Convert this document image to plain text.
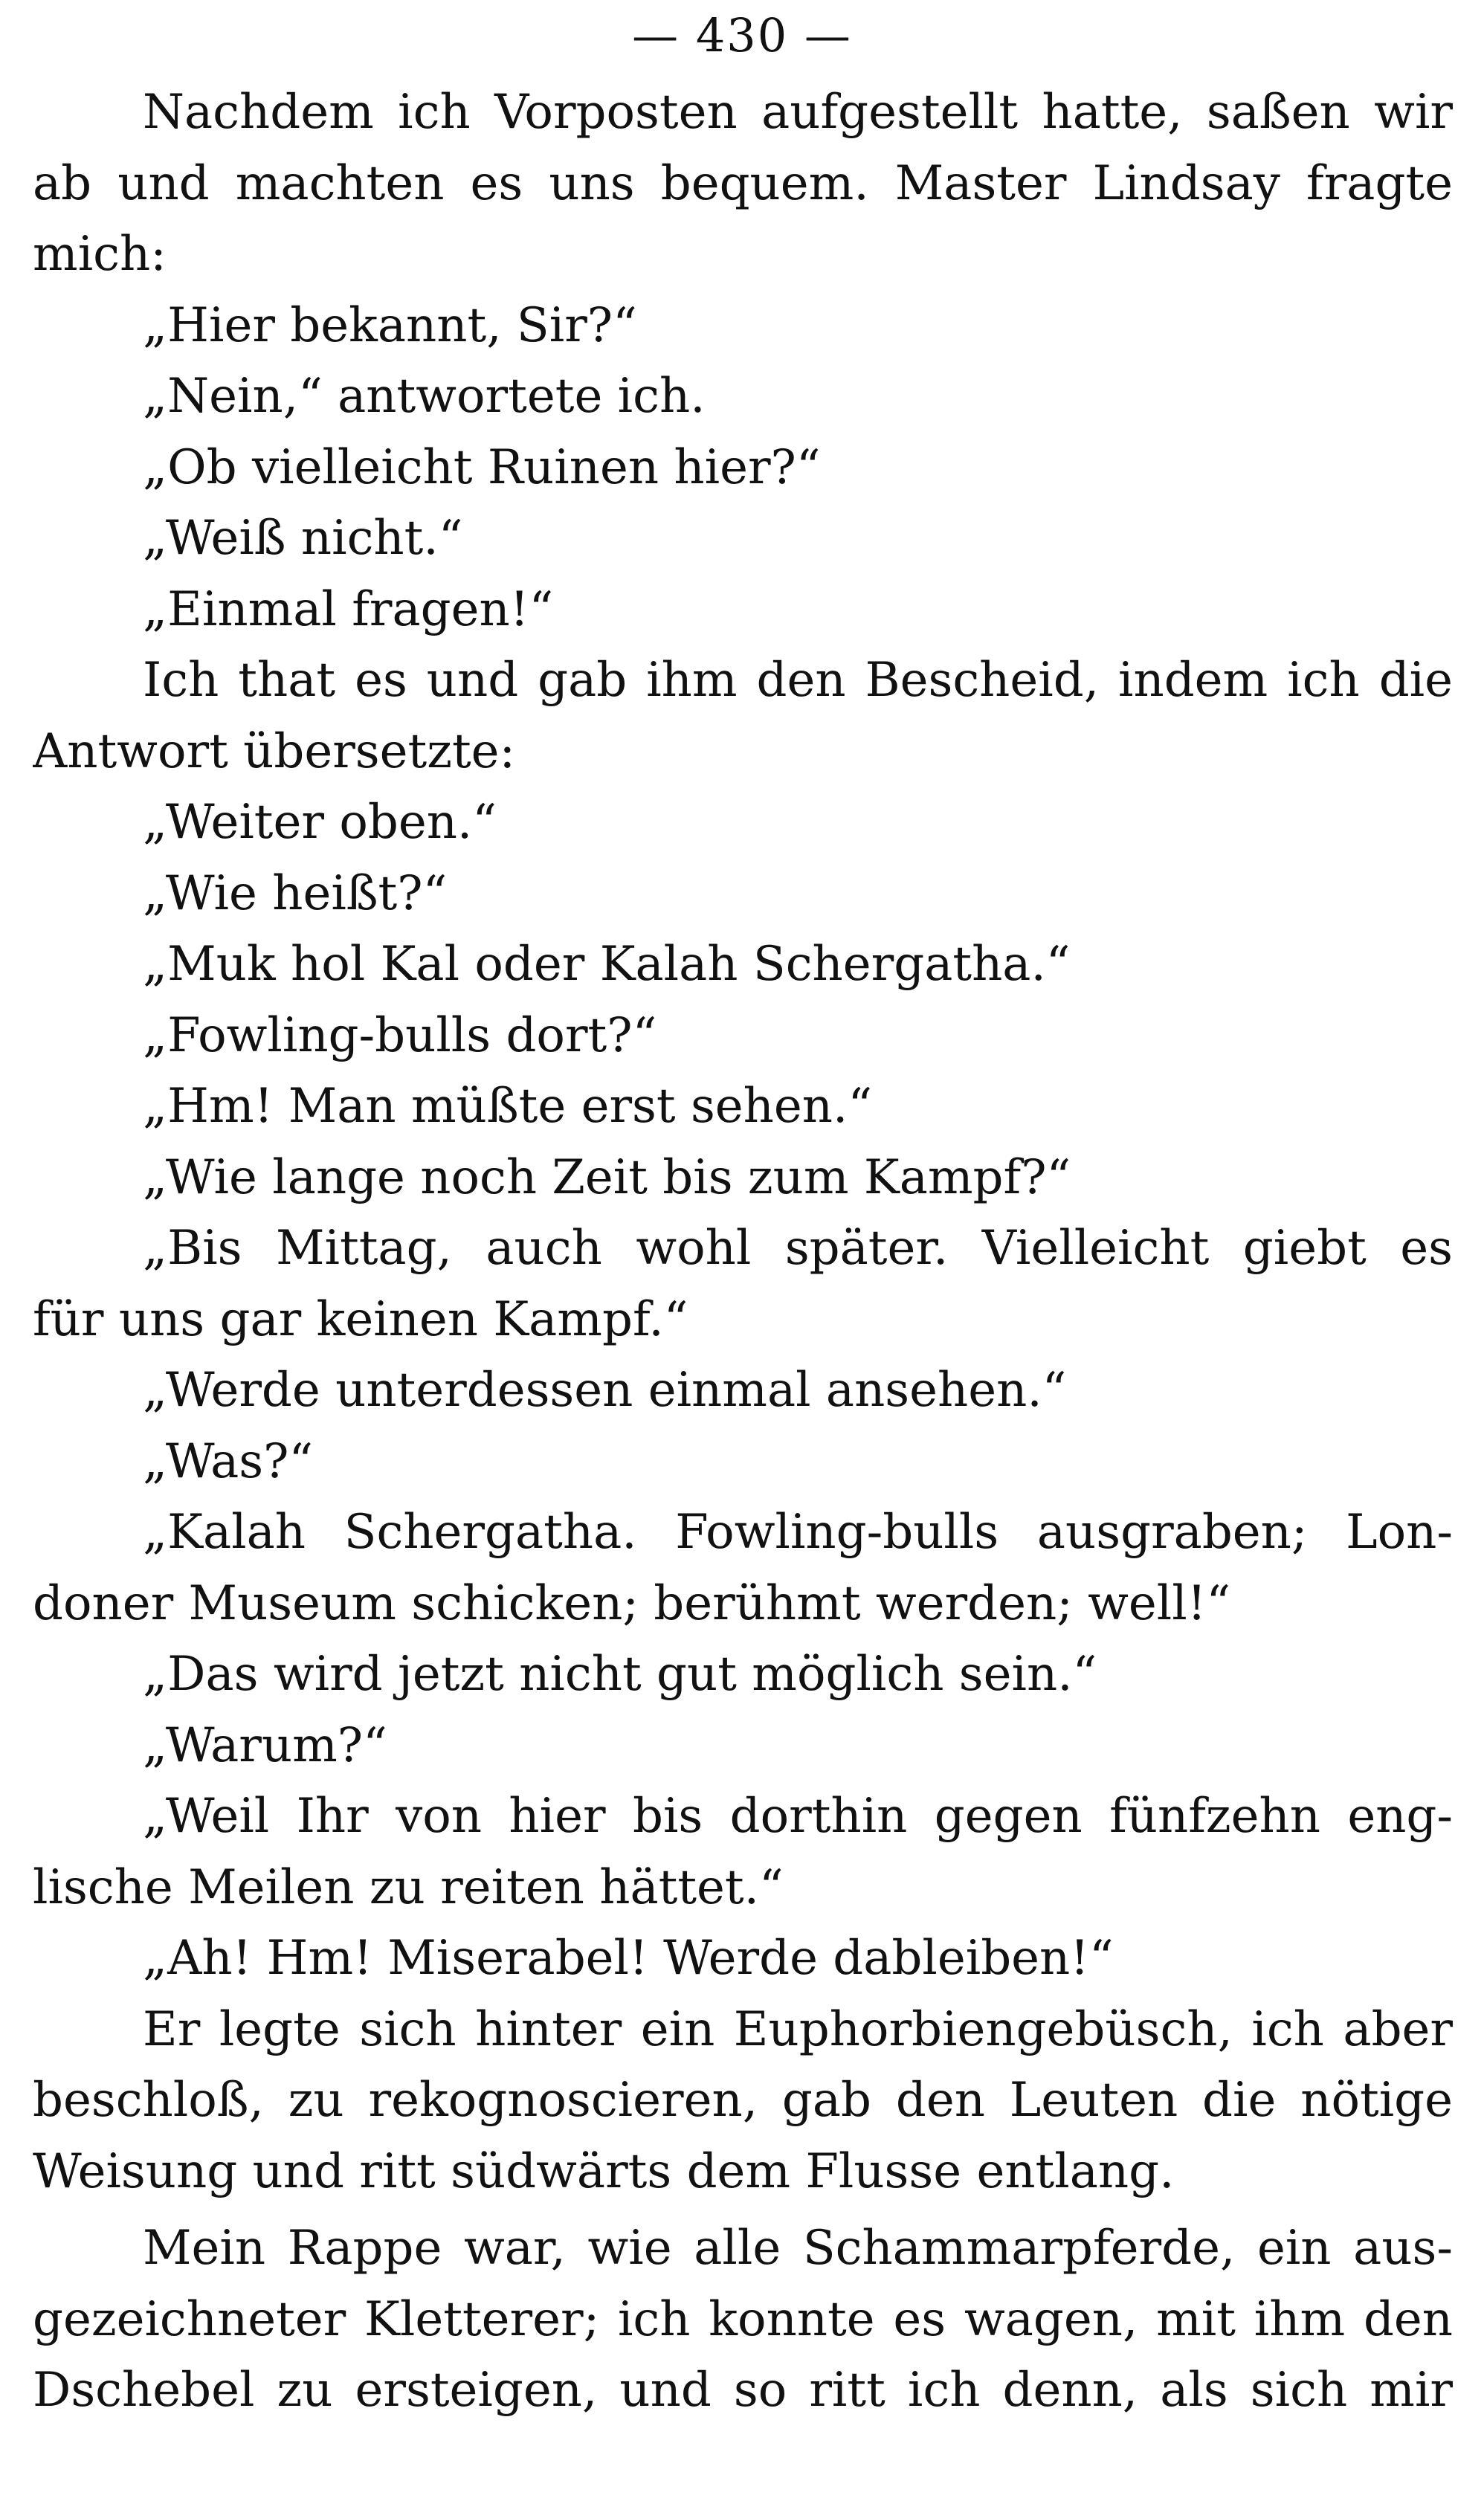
— 430 —
Nachdem ich Vorposten aufgestellt hatte, saßen wir
ab und machten es uns bequem. Master Lindsay fragte
mich:
„Hier bekannt, Sir?“
„Nein,“ antwortete ich.
„Ob vielleicht Ruinen hier?“
„Weiß nicht.“
„Einmal fragen!“
Ich that es und gab ihm den Bescheid, indem ich die
Antwort übersetzte:
„Weiter oben.“
„Wie heißt?“
„Muk hol Kal oder Kalah Schergatha.“
„Fowling-bulls dort?“
„Hm! Man müßte erst sehen.“
„Wie lange noch Zeit bis zum Kampf?“
„Bis Mittag, auch wohl später. Vielleicht giebt es
für uns gar keinen Kampf.“
„Werde unterdessen einmal ansehen.“
„Was?“
„Kalah Schergatha. Fowling-bulls ausgraben; Lon-
doner Museum schicken; berühmt werden; well!“
„Das wird jetzt nicht gut möglich sein.“
„Warum?“
„Weil Ihr von hier bis dorthin gegen fünfzehn eng-
lische Meilen zu reiten hättet.“
„Ah! Hm! Miserabel! Werde dableiben!“
Er legte sich hinter ein Euphorbiengebüsch, ich aber
beschloß, zu rekognoscieren, gab den Leuten die nötige
Weisung und ritt südwärts dem Flusse entlang.
Mein Rappe war, wie alle Schammarpferde, ein aus-
gezeichneter Kletterer; ich konnte es wagen, mit ihm den
Dschebel zu ersteigen, und so ritt ich denn, als sich mir
